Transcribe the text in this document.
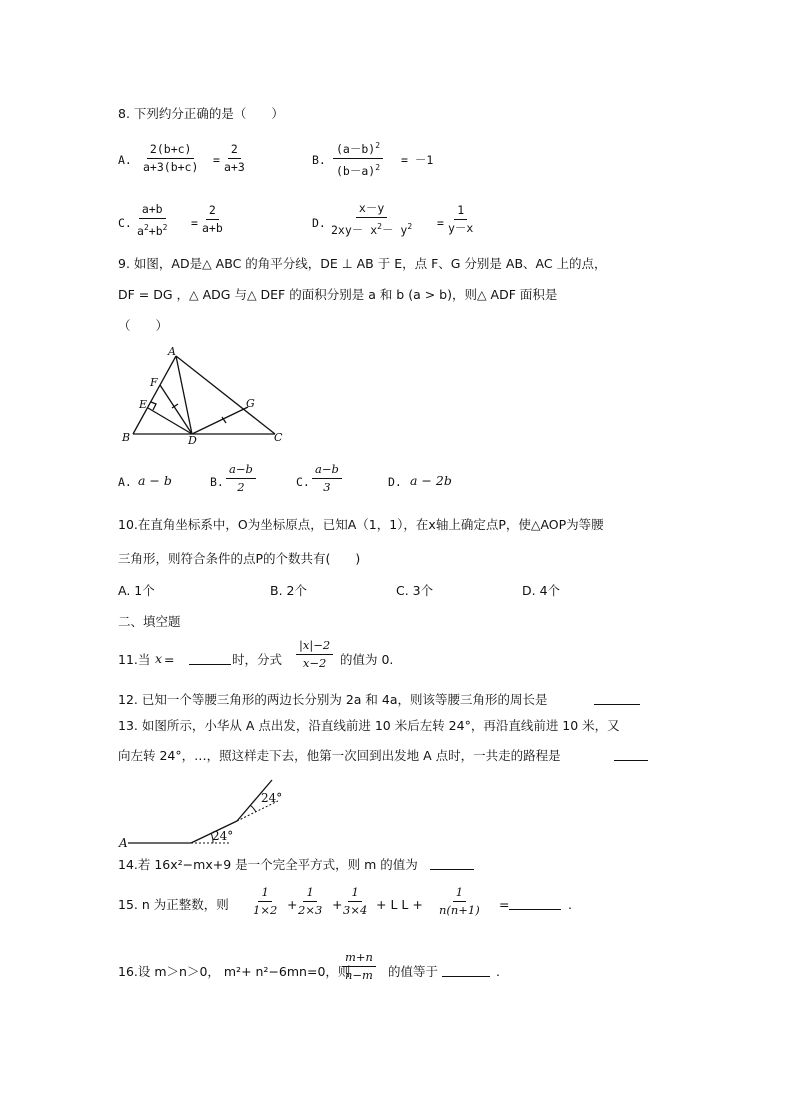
8. 下列约分正确的是（　　）
A. $\frac{2(b+c)}{a+3(b+c)} = \frac{2}{a+3}$	B. $\frac{(a-b)^2}{(b-a)^2} = -1$
C. $\frac{a+b}{a^2+b^2} = \frac{2}{a+b}$	D. $\frac{x-y}{2xy- x^2- y^2} = \frac{1}{y-x}$
9. 如图，AD是△ ABC 的角平分线，DE ⊥ AB 于 E，点 F、G 分别是 AB、AC 上的点，
DF = DG ，△ ADG 与△ DEF 的面积分别是 a 和 b (a > b)，则△ ADF 面积是
（　　）
A
B	C
D
E
F
G
A. a − b	B. $\frac{a-b}{2}$	C. $\frac{a-b}{3}$	D. a − 2b
10.在直角坐标系中，O为坐标原点，已知A（1，1），在x轴上确定点P，使△AOP为等腰
三角形，则符合条件的点P的个数共有(　　)
A. 1个	B. 2个	C. 3个	D. 4个
二、填空题
11.当 x =	时，分式 $\frac{|x|-2}{x-2}$ 的值为 0.
12. 已知一个等腰三角形的两边长分别为 2a 和 4a，则该等腰三角形的周长是
13. 如图所示，小华从 A 点出发，沿直线前进 10 米后左转 24°，再沿直线前进 10 米，又
向左转 24°，…，照这样走下去，他第一次回到出发地 A 点时，一共走的路程是
A	24°
24°
14.若 16x²−mx+9 是一个完全平方式，则 m 的值为
15. n 为正整数，则 $\frac{1}{1\times 2}$ +
$\frac{1}{2\times 3}$ +
$\frac{1}{3\times 4} + L$ $L + \frac{1}{n(n+1)}$ =	.
16.设 m＞n＞0， m²+ n²−6mn=0，则
$\frac{m+n}{n-m}$ 的值等于	.
